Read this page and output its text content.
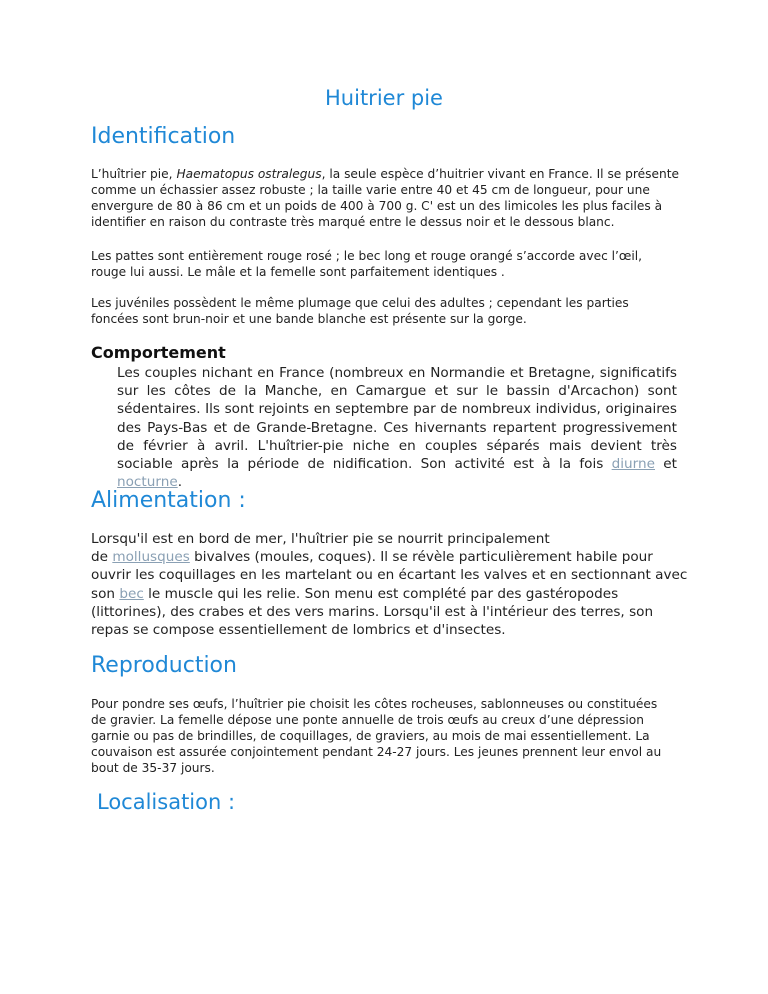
Huitrier pie
Identification

L’huîtrier pie, Haematopus ostralegus, la seule espèce d’huitrier vivant en France. Il se présente comme un échassier assez robuste ; la taille varie entre 40 et 45 cm de longueur, pour une envergure de 80 à 86 cm et un poids de 400 à 700 g. C' est un des limicoles les plus faciles à identifier en raison du contraste très marqué entre le dessus noir et le dessous blanc.

Les pattes sont entièrement rouge rosé ; le bec long et rouge orangé s’accorde avec l’œil, rouge lui aussi. Le mâle et la femelle sont parfaitement identiques .

Les juvéniles possèdent le même plumage que celui des adultes ; cependant les parties foncées sont brun-noir et une bande blanche est présente sur la gorge.

Comportement

Les couples nichant en France (nombreux en Normandie et Bretagne, significatifs sur les côtes de la Manche, en Camargue et sur le bassin d'Arcachon) sont sédentaires. Ils sont rejoints en septembre par de nombreux individus, originaires des Pays-Bas et de Grande-Bretagne. Ces hivernants repartent progressivement de février à avril. L'huîtrier-pie niche en couples séparés mais devient très sociable après la période de nidification. Son activité est à la fois diurne et nocturne.

Alimentation :
Lorsqu'il est en bord de mer, l'huîtrier pie se nourrit principalement
de mollusques bivalves (moules, coques). Il se révèle particulièrement habile pour ouvrir les coquillages en les martelant ou en écartant les valves et en sectionnant avec son bec le muscle qui les relie. Son menu est complété par des gastéropodes (littorines), des crabes et des vers marins. Lorsqu'il est à l'intérieur des terres, son repas se compose essentiellement de lombrics et d'insectes.
Reproduction

Pour pondre ses œufs, l’huîtrier pie choisit les côtes rocheuses, sablonneuses ou constituées de gravier. La femelle dépose une ponte annuelle de trois œufs au creux d’une dépression garnie ou pas de brindilles, de coquillages, de graviers, au mois de mai essentiellement. La couvaison est assurée conjointement pendant 24-27 jours. Les jeunes prennent leur envol au bout de 35-37 jours.

Localisation :
